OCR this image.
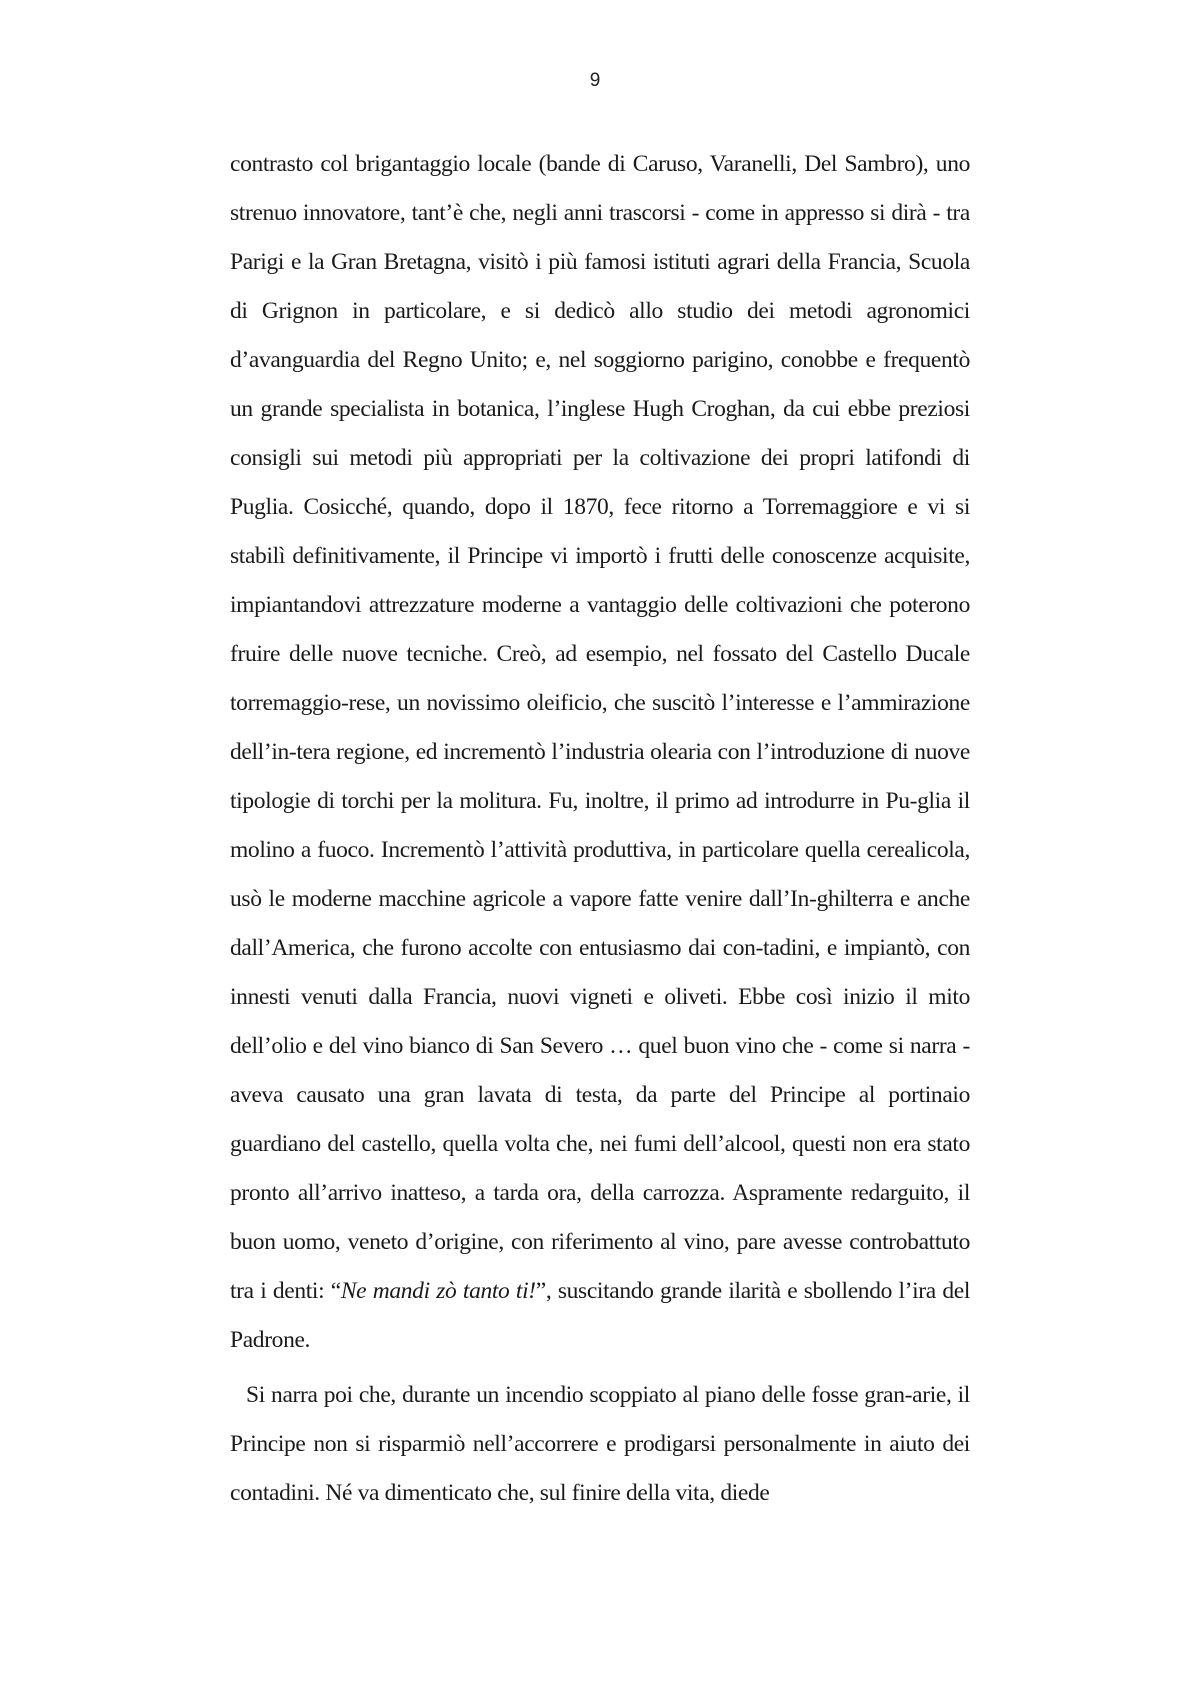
9

contrasto col brigantaggio locale (bande di Caruso, Varanelli, Del Sambro), uno strenuo innovatore, tant’è che, negli anni trascorsi - come in appresso si dirà - tra Parigi e la Gran Bretagna, visitò i più famosi istituti agrari della Francia, Scuola di Grignon in particolare, e si dedicò allo studio dei metodi agronomici d’avanguardia del Regno Unito; e, nel soggiorno parigino, conobbe e frequentò un grande specialista in botanica, l’inglese Hugh Croghan, da cui ebbe preziosi consigli sui metodi più appropriati per la coltivazione dei propri latifondi di Puglia. Cosicché, quando, dopo il 1870, fece ritorno a Torremaggiore e vi si stabilì definitivamente, il Principe vi importò i frutti delle conoscenze acquisite, impiantandovi attrezzature moderne a vantaggio delle coltivazioni che poterono fruire delle nuove tecniche. Creò, ad esempio, nel fossato del Castello Ducale torremaggio-rese, un novissimo oleificio, che suscitò l’interesse e l’ammirazione dell’in-tera regione, ed incrementò l’industria olearia con l’introduzione di nuove tipologie di torchi per la molitura. Fu, inoltre, il primo ad introdurre in Pu-glia il molino a fuoco. Incrementò l’attività produttiva, in particolare quella cerealicola, usò le moderne macchine agricole a vapore fatte venire dall’In-ghilterra e anche dall’America, che furono accolte con entusiasmo dai con-tadini, e impiantò, con innesti venuti dalla Francia, nuovi vigneti e oliveti. Ebbe così inizio il mito dell’olio e del vino bianco di San Severo … quel buon vino che - come si narra - aveva causato una gran lavata di testa, da parte del Principe al portinaio guardiano del castello, quella volta che, nei fumi dell’alcool, questi non era stato pronto all’arrivo inatteso, a tarda ora, della carrozza. Aspramente redarguito, il buon uomo, veneto d’origine, con riferimento al vino, pare avesse controbattuto tra i denti: “Ne mandi zò tanto ti!”, suscitando grande ilarità e sbollendo l’ira del Padrone.

Si narra poi che, durante un incendio scoppiato al piano delle fosse gran-arie, il Principe non si risparmiò nell’accorrere e prodigarsi personalmente in aiuto dei contadini. Né va dimenticato che, sul finire della vita, diede
